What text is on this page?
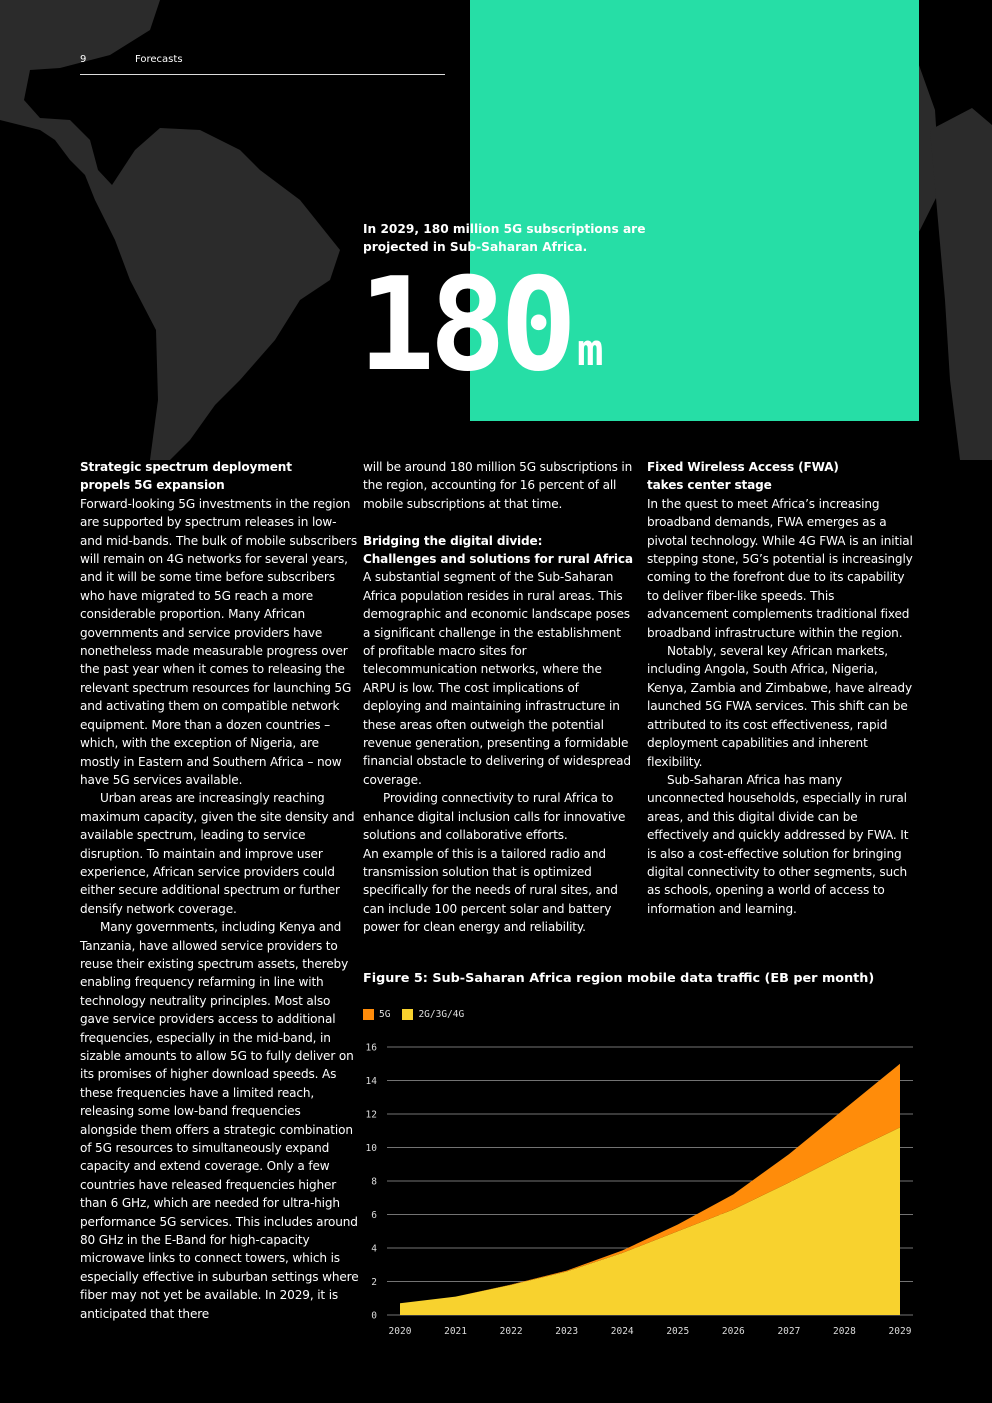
9	Forecasts
In 2029, 180 million 5G subscriptions are projected in Sub-Saharan Africa.
180 m
Strategic spectrum deployment
propels 5G expansion

Forward-looking 5G investments in the region are supported by spectrum releases in low- and mid-bands. The bulk of mobile subscribers will remain on 4G networks for several years, and it will be some time before subscribers who have migrated to 5G reach a more considerable proportion. Many African governments and service providers have nonetheless made measurable progress over the past year when it comes to releasing the relevant spectrum resources for launching 5G and activating them on compatible network equipment. More than a dozen countries – which, with the exception of Nigeria, are mostly in Eastern and Southern Africa – now have 5G services available.

Urban areas are increasingly reaching maximum capacity, given the site density and available spectrum, leading to service disruption. To maintain and improve user experience, African service providers could either secure additional spectrum or further densify network coverage.

Many governments, including Kenya and Tanzania, have allowed service providers to reuse their existing spectrum assets, thereby enabling frequency refarming in line with technology neutrality principles. Most also gave service providers access to additional frequencies, especially in the mid-band, in sizable amounts to allow 5G to fully deliver on its promises of higher download speeds. As these frequencies have a limited reach, releasing some low-band frequencies alongside them offers a strategic combination of 5G resources to simultaneously expand capacity and extend coverage. Only a few countries have released frequencies higher than 6 GHz, which are needed for ultra-high performance 5G services. This includes around 80 GHz in the E-Band for high-capacity microwave links to connect towers, which is especially effective in suburban settings where fiber may not yet be available. In 2029, it is anticipated that there

will be around 180 million 5G subscriptions in the region, accounting for 16 percent of all mobile subscriptions at that time.

Bridging the digital divide:
Challenges and solutions for rural Africa

A substantial segment of the Sub-Saharan Africa population resides in rural areas. This demographic and economic landscape poses a significant challenge in the establishment of profitable macro sites for telecommunication networks, where the ARPU is low. The cost implications of deploying and maintaining infrastructure in these areas often outweigh the potential revenue generation, presenting a formidable financial obstacle to delivering of widespread coverage.

Providing connectivity to rural Africa to enhance digital inclusion calls for innovative solutions and collaborative efforts.

An example of this is a tailored radio and transmission solution that is optimized specifically for the needs of rural sites, and can include 100 percent solar and battery power for clean energy and reliability.

Fixed Wireless Access (FWA)
takes center stage

In the quest to meet Africa’s increasing broadband demands, FWA emerges as a pivotal technology. While 4G FWA is an initial stepping stone, 5G’s potential is increasingly coming to the forefront due to its capability to deliver fiber-like speeds. This advancement complements traditional fixed broadband infrastructure within the region.

Notably, several key African markets, including Angola, South Africa, Nigeria, Kenya, Zambia and Zimbabwe, have already launched 5G FWA services. This shift can be attributed to its cost effectiveness, rapid deployment capabilities and inherent flexibility.

Sub-Saharan Africa has many unconnected households, especially in rural areas, and this digital divide can be effectively and quickly addressed by FWA. It is also a cost-effective solution for bringing digital connectivity to other segments, such as schools, opening a world of access to information and learning.

Figure 5: Sub-Saharan Africa region mobile data traffic (EB per month)
5G	2G/3G/4G
0
2
4
6
8
10
12
14
16
2020	2021	2022	2023	2024	2025	2026	2027	2028	2029
